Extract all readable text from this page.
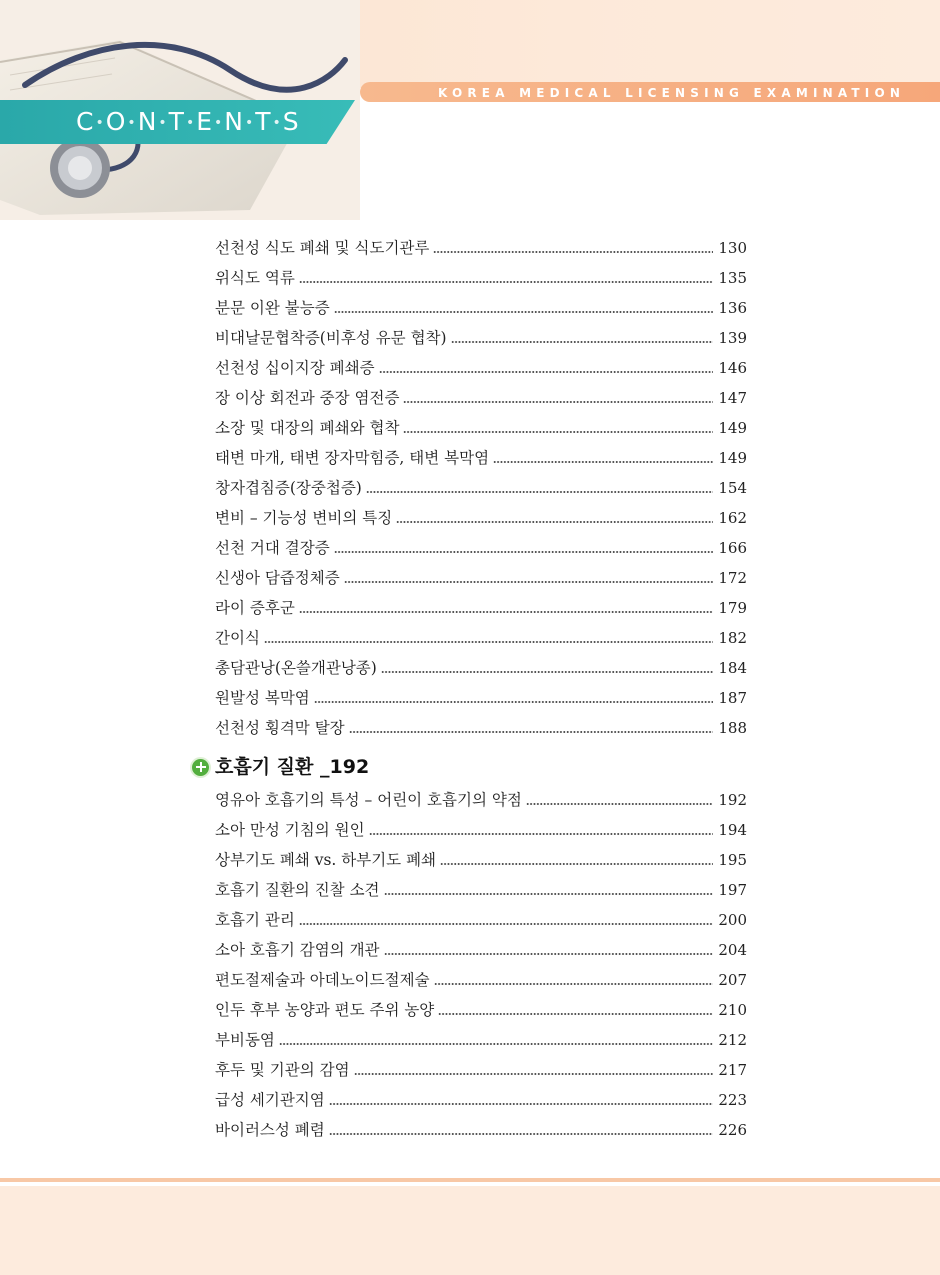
KOREA MEDICAL LICENSING EXAMINATION
C•O•N•T•E•N•T•S
선천성 식도 폐쇄 및 식도기관루	130
위식도 역류	135
분문 이완 불능증	136
비대날문협착증(비후성 유문 협착)	139
선천성 십이지장 폐쇄증	146
장 이상 회전과 중장 염전증	147
소장 및 대장의 폐쇄와 협착	149
태변 마개, 태변 장자막힘증, 태변 복막염	149
창자겹침증(장중첩증)	154
변비 – 기능성 변비의 특징	162
선천 거대 결장증	166
신생아 담즙정체증	172
라이 증후군	179
간이식	182
총담관낭(온쓸개관낭종)	184
원발성 복막염	187
선천성 횡격막 탈장	188
호흡기 질환 _192
영유아 호흡기의 특성 – 어린이 호흡기의 약점	192
소아 만성 기침의 원인	194
상부기도 폐쇄 vs. 하부기도 폐쇄	195
호흡기 질환의 진찰 소견	197
호흡기 관리	200
소아 호흡기 감염의 개관	204
편도절제술과 아데노이드절제술	207
인두 후부 농양과 편도 주위 농양	210
부비동염	212
후두 및 기관의 감염	217
급성 세기관지염	223
바이러스성 폐렴	226
